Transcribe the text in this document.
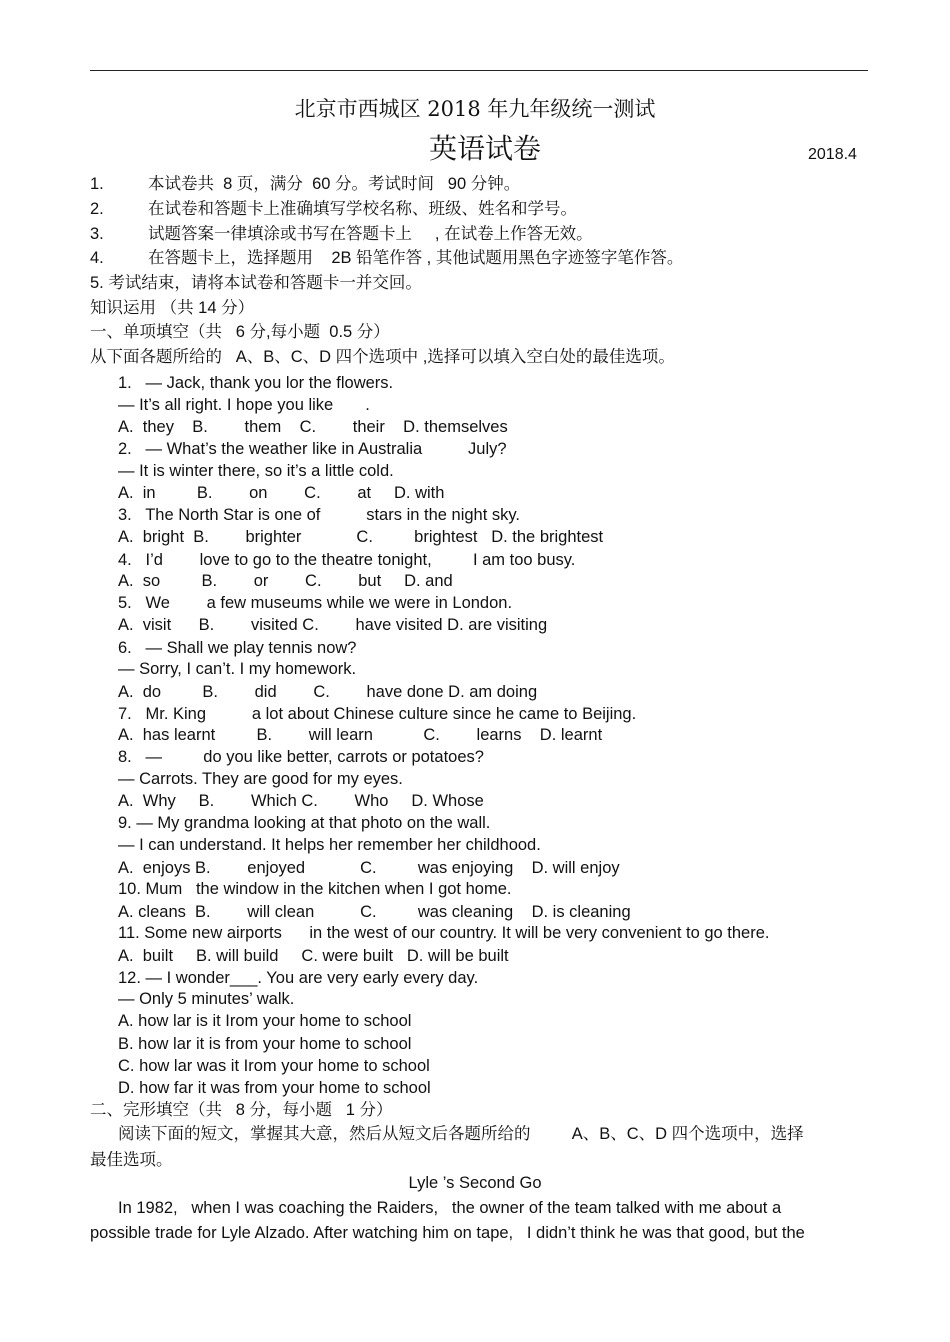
北京市西城区 2018 年九年级统一测试
英语试卷	2018.4
1.	本试卷共  8 页，满分  60 分。考试时间   90 分钟。
2.	在试卷和答题卡上准确填写学校名称、班级、姓名和学号。
3.	试题答案一律填涂或书写在答题卡上     , 在试卷上作答无效。
4.	在答题卡上，选择题用    2B 铅笔作答 , 其他试题用黑色字迹签字笔作答。
5. 考试结束，请将本试卷和答题卡一并交回。
知识运用 （共 14 分）
一、单项填空（共   6 分,每小题  0.5 分）
从下面各题所给的   A、B、C、D 四个选项中 ,选择可以填入空白处的最佳选项。
1.   — Jack, thank you lor the flowers.
— It’s all right. I hope you like       .
A.  they    B.        them    C.        their    D. themselves
2.   — What’s the weather like in Australia          July?
— It is winter there, so it’s a little cold.
A.  in         B.        on        C.        at     D. with
3.   The North Star is one of          stars in the night sky.
A.  bright  B.        brighter            C.         brightest   D. the brightest
4.   I’d        love to go to the theatre tonight,         I am too busy.
A.  so         B.        or        C.        but     D. and
5.   We        a few museums while we were in London.
A.  visit      B.        visited C.        have visited D. are visiting
6.   — Shall we play tennis now?
— Sorry, I can’t. I my homework.
A.  do         B.        did        C.        have done D. am doing
7.   Mr. King          a lot about Chinese culture since he came to Beijing.
A.  has learnt         B.        will learn           C.        learns    D. learnt
8.   —         do you like better, carrots or potatoes?
— Carrots. They are good for my eyes.
A.  Why     B.        Which C.        Who     D. Whose
9. — My grandma looking at that photo on the wall.
— I can understand. It helps her remember her childhood.
A.  enjoys B.        enjoyed            C.         was enjoying    D. will enjoy
10. Mum   the window in the kitchen when I got home.
A. cleans  B.        will clean          C.         was cleaning    D. is cleaning
11. Some new airports      in the west of our country. It will be very convenient to go there.
A.  built     B. will build     C. were built   D. will be built
12. — I wonder___. You are very early every day.
— Only 5 minutes’ walk.
A. how lar is it Irom your home to school
B. how lar it is from your home to school
C. how lar was it Irom your home to school
D. how far it was from your home to school
二、完形填空（共   8 分，每小题   1 分）
阅读下面的短文，掌握其大意，然后从短文后各题所给的         A、B、C、D 四个选项中，选择
最佳选项。
Lyle ’s Second Go
In 1982,   when I was coaching the Raiders,   the owner of the team talked with me about a
possible trade for Lyle Alzado. After watching him on tape,   I didn’t think he was that good, but the
